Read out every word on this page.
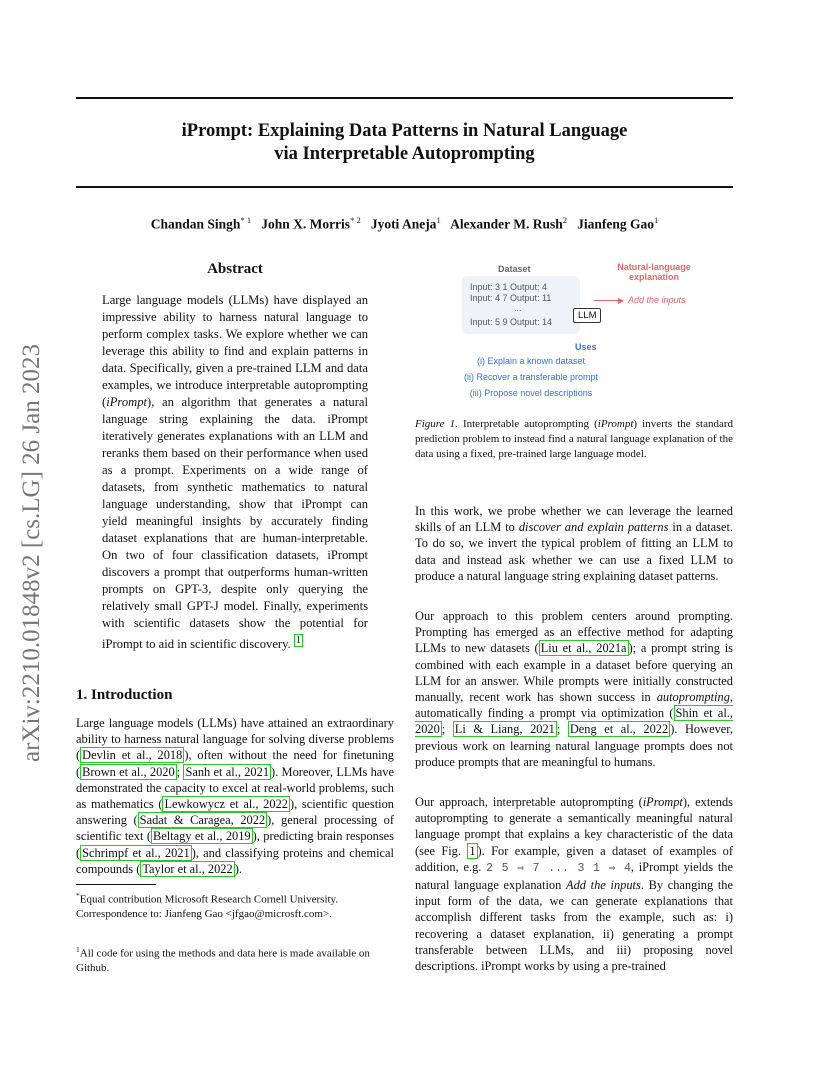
iPrompt: Explaining Data Patterns in Natural Language
via Interpretable Autoprompting
Chandan Singh$^{* 1}$ John X. Morris$^{* 2}$ Jyoti Aneja$^1$ Alexander M. Rush$^2$ Jianfeng Gao$^1$
arXiv:2210.01848v2 [cs.LG] 26 Jan 2023
Abstract
Large language models (LLMs) have displayed an impressive ability to harness natural language to perform complex tasks. We explore whether we can leverage this ability to find and explain patterns in data. Specifically, given a pre-trained LLM and data examples, we introduce interpretable autoprompting (iPrompt), an algorithm that generates a natural language string explaining the data. iPrompt iteratively generates explanations with an LLM and reranks them based on their performance when used as a prompt. Experiments on a wide range of datasets, from synthetic mathematics to natural language understanding, show that iPrompt can yield meaningful insights by accurately finding dataset explanations that are human-interpretable. On two of four classification datasets, iPrompt discovers a prompt that outperforms human-written prompts on GPT-3, despite only querying the relatively small GPT-J model. Finally, experiments with scientific datasets show the potential for iPrompt to aid in scientific discovery. $^1$
1. Introduction
Large language models (LLMs) have attained an extraordinary ability to harness natural language for solving diverse problems ( Devlin et al., 2018 ), often without the need for finetuning ( Brown et al., 2020 ; Sanh et al., 2021 ). Moreover, LLMs have demonstrated the capacity to excel at real-world problems, such as mathematics ( Lewkowycz et al., 2022 ), scientific question answering ( Sadat & Caragea, 2022 ), general processing of scientific text ( Beltagy et al., 2019 ), predicting brain responses ( Schrimpf et al., 2021 ), and classifying proteins and chemical compounds ( Taylor et al., 2022 ).
*Equal contribution Microsoft Research Cornell University. Correspondence to: Jianfeng Gao <jfgao@microsft.com>.
$^1$All code for using the methods and data here is made available on Github.
Dataset
Input: 3 1 Output: 4
Input: 4 7 Output: 11
...
Input: 5 9 Output: 14
LLM
Natural-language
explanation
▶ Add the inputs
Uses
(i) Explain a known dataset
(ii) Recover a transferable prompt
(iii) Propose novel descriptions
Figure 1. Interpretable autoprompting (iPrompt) inverts the standard prediction problem to instead find a natural language explanation of the data using a fixed, pre-trained large language model.
In this work, we probe whether we can leverage the learned skills of an LLM to discover and explain patterns in a dataset. To do so, we invert the typical problem of fitting an LLM to data and instead ask whether we can use a fixed LLM to produce a natural language string explaining dataset patterns.
Our approach to this problem centers around prompting. Prompting has emerged as an effective method for adapting LLMs to new datasets ( Liu et al., 2021a ); a prompt string is combined with each example in a dataset before querying an LLM for an answer. While prompts were initially constructed manually, recent work has shown success in autoprompting, automatically finding a prompt via optimization ( Shin et al., 2020 ; Li & Liang, 2021 ; Deng et al., 2022 ). However, previous work on learning natural language prompts does not produce prompts that are meaningful to humans.
Our approach, interpretable autoprompting (iPrompt), extends autoprompting to generate a semantically meaningful natural language prompt that explains a key characteristic of the data (see Fig. 1 ). For example, given a dataset of examples of addition, e.g. 2 5 ⇒ 7 ... 3 1 ⇒ 4, iPrompt yields the natural language explanation Add the inputs. By changing the input form of the data, we can generate explanations that accomplish different tasks from the example, such as: i) recovering a dataset explanation, ii) generating a prompt transferable between LLMs, and iii) proposing novel descriptions. iPrompt works by using a pre-trained
